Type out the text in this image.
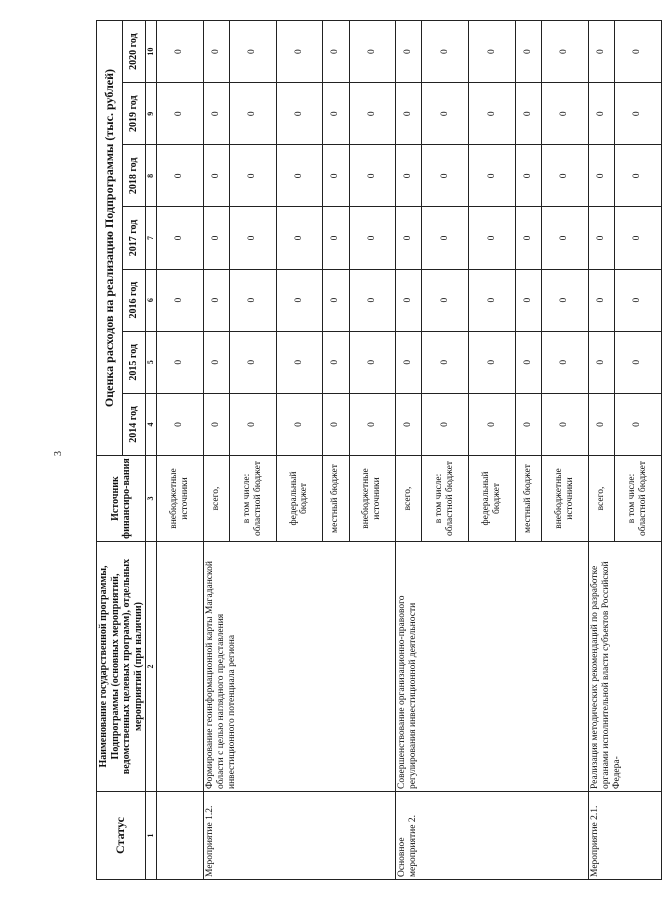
3
Статус	Наименование государственной программы, Подпрограммы (основных мероприятий, ведомственных целевых программ), отдельных мероприятий (при наличии)	Источник финансиро-вания	Оценка расходов на реализацию Подпрограммы (тыс. рублей)						
			2014 год	2015 год	2016 год	2017 год	2018 год	2019 год	2020 год
1	2	3	4	5	6	7	8	9	10
		внебюджетные источники	0	0	0	0	0	0	0
Мероприятие 1.2.	Формирование геоинформационной карты Магаданской области с целью наглядного представления инвестиционного потенциала региона	всего,	0	0	0	0	0	0	0
		в том числе: областной бюджет	0	0	0	0	0	0	0
		федеральный бюджет	0	0	0	0	0	0	0
		местный бюджет	0	0	0	0	0	0	0
		внебюджетные источники	0	0	0	0	0	0	0
Основное мероприятие 2.	Совершенствование организационно-правового регулирования инвестиционной деятельности	всего,	0	0	0	0	0	0	0
		в том числе: областной бюджет	0	0	0	0	0	0	0
		федеральный бюджет	0	0	0	0	0	0	0
		местный бюджет	0	0	0	0	0	0	0
		внебюджетные источники	0	0	0	0	0	0	0
Мероприятие 2.1.	Реализация методических рекомендаций по разработке органами исполнительной власти субъектов Российской Федера-	всего,	0	0	0	0	0	0	0
		в том числе: областной бюджет	0	0	0	0	0	0	0
